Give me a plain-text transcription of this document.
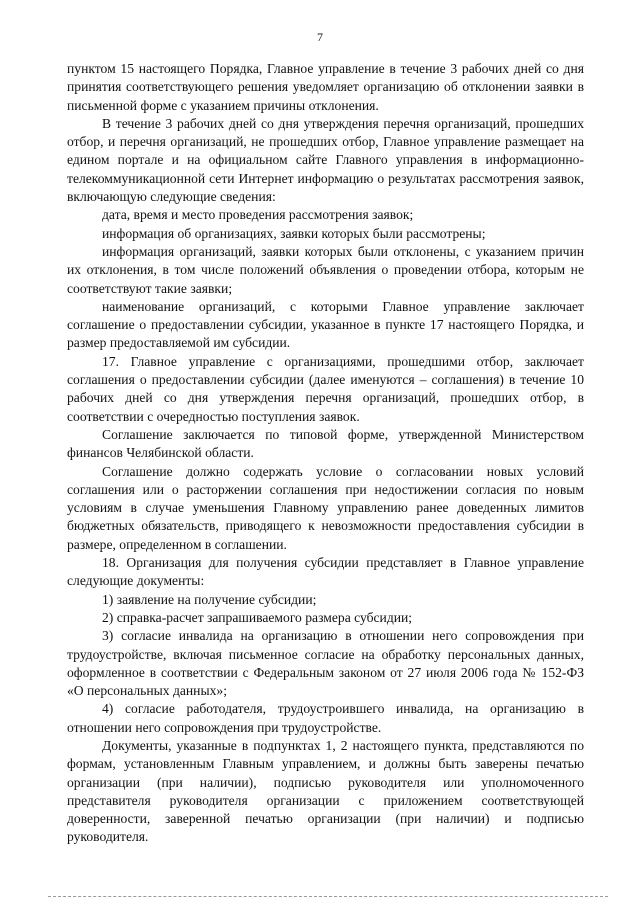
7

пунктом 15 настоящего Порядка, Главное управление в течение 3 рабочих дней со дня принятия соответствующего решения уведомляет организацию об отклонении заявки в письменной форме с указанием причины отклонения.

В течение 3 рабочих дней со дня утверждения перечня организаций, прошедших отбор, и перечня организаций, не прошедших отбор, Главное управление размещает на едином портале и на официальном сайте Главного управления в информационно-телекоммуникационной сети Интернет информацию о результатах рассмотрения заявок, включающую следующие сведения:

дата, время и место проведения рассмотрения заявок;

информация об организациях, заявки которых были рассмотрены;

информация организаций, заявки которых были отклонены, с указанием причин их отклонения, в том числе положений объявления о проведении отбора, которым не соответствуют такие заявки;

наименование организаций, с которыми Главное управление заключает соглашение о предоставлении субсидии, указанное в пункте 17 настоящего Порядка, и размер предоставляемой им субсидии.

17. Главное управление с организациями, прошедшими отбор, заключает соглашения о предоставлении субсидии (далее именуются – соглашения) в течение 10 рабочих дней со дня утверждения перечня организаций, прошедших отбор, в соответствии с очередностью поступления заявок.

Соглашение заключается по типовой форме, утвержденной Министерством финансов Челябинской области.

Соглашение должно содержать условие о согласовании новых условий соглашения или о расторжении соглашения при недостижении согласия по новым условиям в случае уменьшения Главному управлению ранее доведенных лимитов бюджетных обязательств, приводящего к невозможности предоставления субсидии в размере, определенном в соглашении.

18. Организация для получения субсидии представляет в Главное управление следующие документы:

1) заявление на получение субсидии;

2) справка-расчет запрашиваемого размера субсидии;

3) согласие инвалида на организацию в отношении него сопровождения при трудоустройстве, включая письменное согласие на обработку персональных данных, оформленное в соответствии с Федеральным законом от 27 июля 2006 года № 152-ФЗ «О персональных данных»;

4) согласие работодателя, трудоустроившего инвалида, на организацию в отношении него сопровождения при трудоустройстве.

Документы, указанные в подпунктах 1, 2 настоящего пункта, представляются по формам, установленным Главным управлением, и должны быть заверены печатью организации (при наличии), подписью руководителя или уполномоченного представителя руководителя организации с приложением соответствующей доверенности, заверенной печатью организации (при наличии) и подписью руководителя.
